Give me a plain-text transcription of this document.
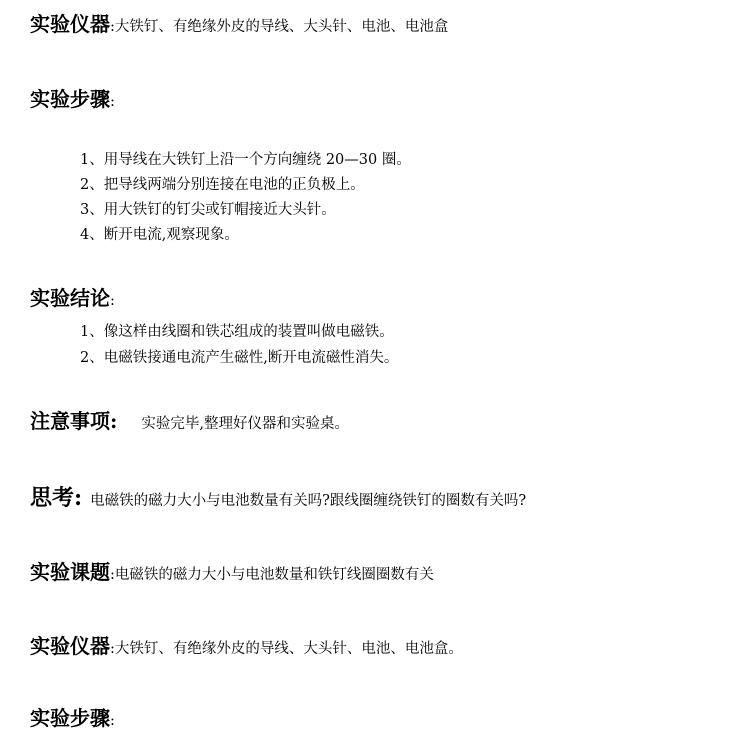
实验仪器:大铁钉、有绝缘外皮的导线、大头针、电池、电池盒
实验步骤:
1、用导线在大铁钉上沿一个方向缠绕 20—30 圈。
2、把导线两端分别连接在电池的正负极上。
3、用大铁钉的钉尖或钉帽接近大头针。
4、断开电流,观察现象。
实验结论:
1、像这样由线圈和铁芯组成的装置叫做电磁铁。
2、电磁铁接通电流产生磁性,断开电流磁性消失。
注意事项: 实验完毕,整理好仪器和实验桌。
思考: 电磁铁的磁力大小与电池数量有关吗?跟线圈缠绕铁钉的圈数有关吗?
实验课题:电磁铁的磁力大小与电池数量和铁钉线圈圈数有关
实验仪器:大铁钉、有绝缘外皮的导线、大头针、电池、电池盒。
实验步骤:
